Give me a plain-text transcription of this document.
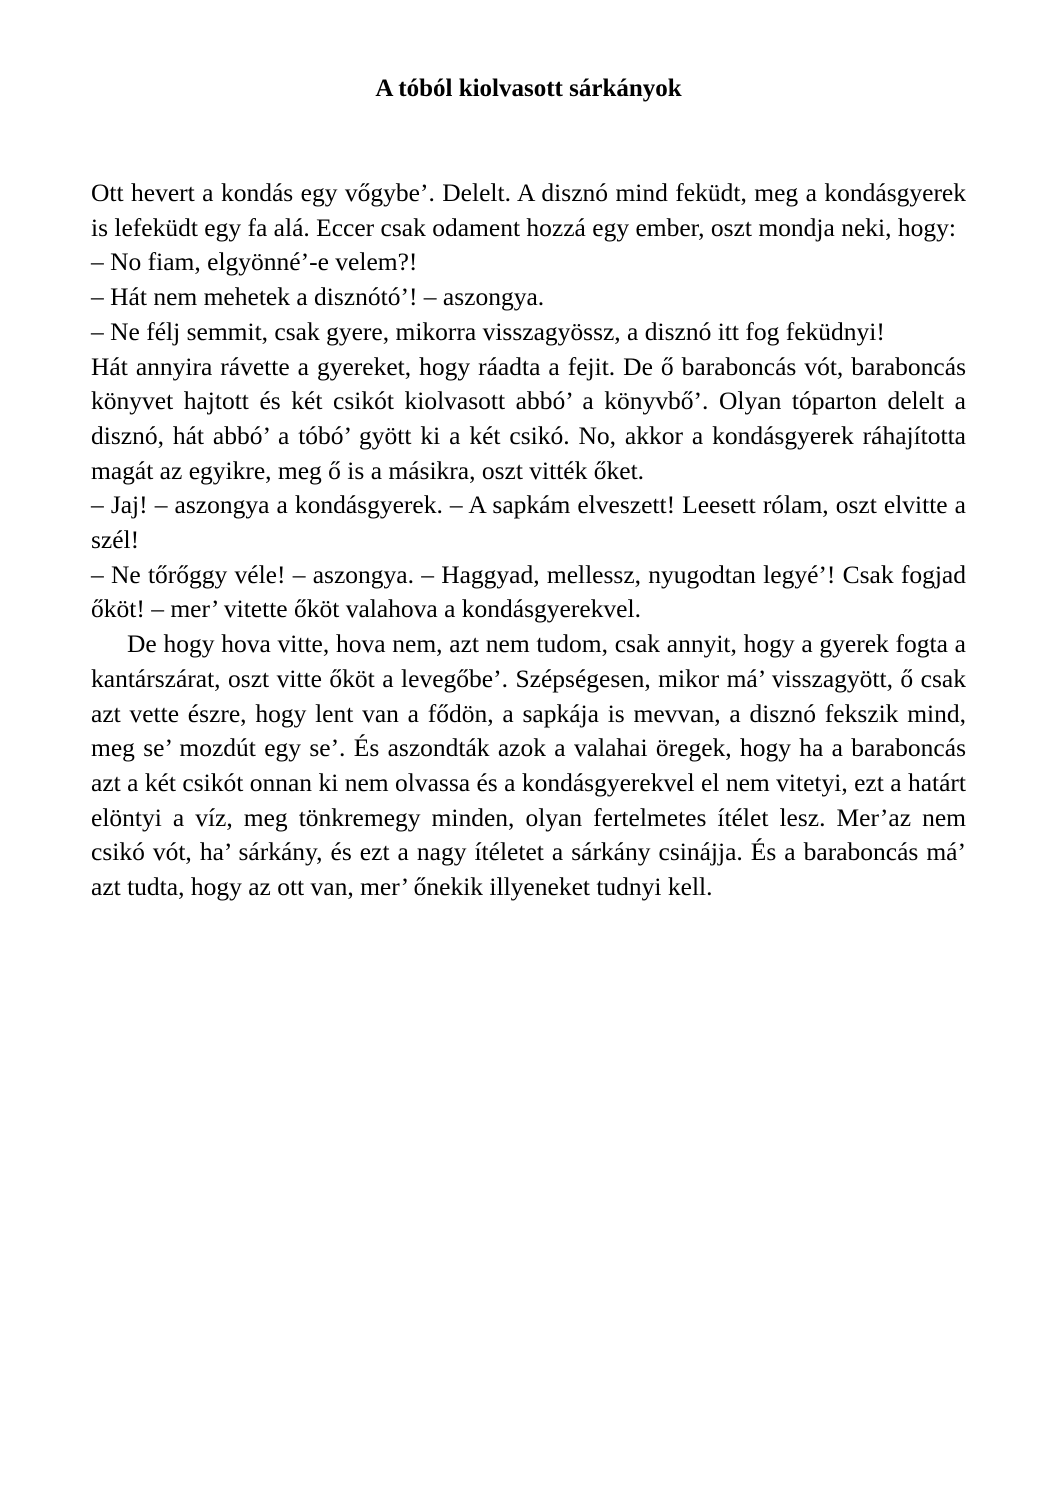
A tóból kiolvasott sárkányok

Ott hevert a kondás egy vőgybe’. Delelt. A disznó mind feküdt, meg a kondásgyerek is lefeküdt egy fa alá. Eccer csak odament hozzá egy ember, oszt mondja neki, hogy:

– No fiam, elgyönné’-e velem?!

– Hát nem mehetek a disznótó’! – aszongya.

– Ne félj semmit, csak gyere, mikorra visszagyössz, a disznó itt fog feküdnyi!

Hát annyira rávette a gyereket, hogy ráadta a fejit. De ő baraboncás vót, baraboncás könyvet hajtott és két csikót kiolvasott abbó’ a könyvbő’. Olyan tóparton delelt a disznó, hát abbó’ a tóbó’ gyött ki a két csikó. No, akkor a kondásgyerek ráhajította magát az egyikre, meg ő is a másikra, oszt vitték őket.

– Jaj! – aszongya a kondásgyerek. – A sapkám elveszett! Leesett rólam, oszt elvitte a szél!

– Ne tőrőggy véle! – aszongya. – Haggyad, mellessz, nyugodtan legyé’! Csak fogjad őköt! – mer’ vitette őköt valahova a kondásgyerekvel.

De hogy hova vitte, hova nem, azt nem tudom, csak annyit, hogy a gyerek fogta a kantárszárat, oszt vitte őköt a levegőbe’. Szépségesen, mikor má’ visszagyött, ő csak azt vette észre, hogy lent van a fődön, a sapkája is mevvan, a disznó fekszik mind, meg se’ mozdút egy se’. És aszondták azok a valahai öregek, hogy ha a baraboncás azt a két csikót onnan ki nem olvassa és a kondásgyerekvel el nem vitetyi, ezt a határt elöntyi a víz, meg tönkremegy minden, olyan fertelmetes ítélet lesz. Mer’az nem csikó vót, ha’ sárkány, és ezt a nagy ítéletet a sárkány csinájja. És a baraboncás má’ azt tudta, hogy az ott van, mer’ őnekik illyeneket tudnyi kell.
